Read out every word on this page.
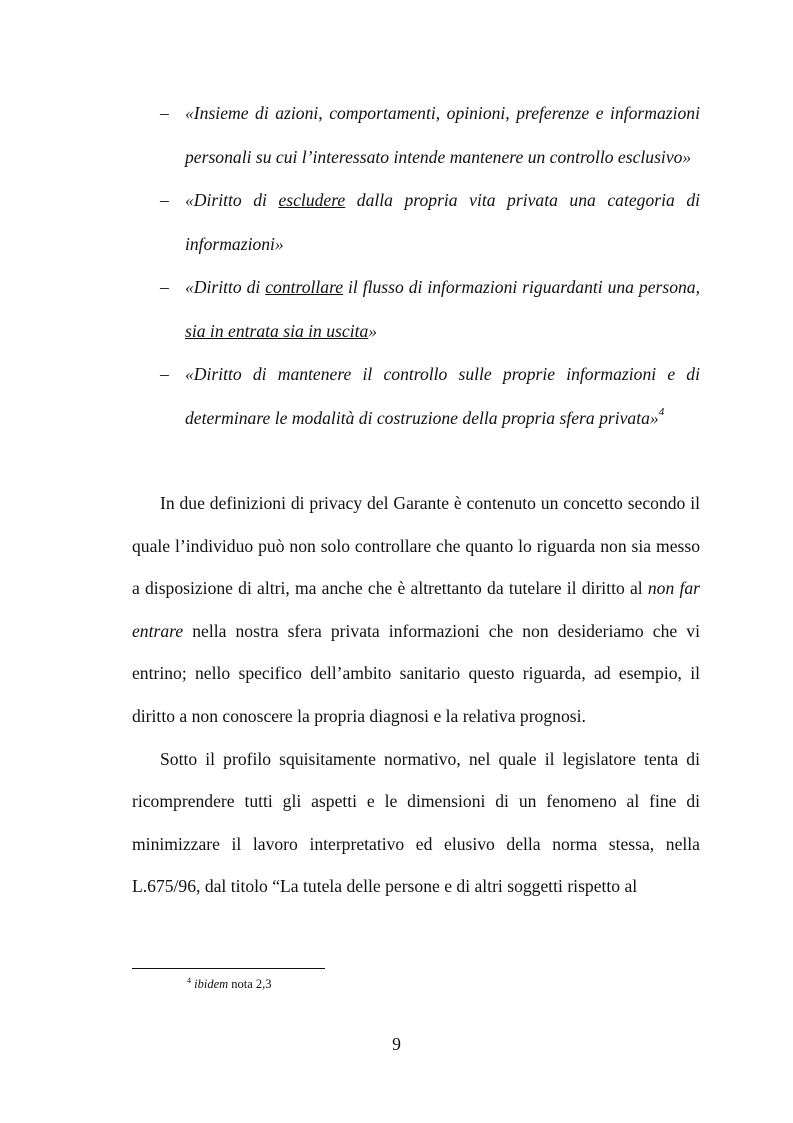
– «Insieme di azioni, comportamenti, opinioni, preferenze e informazioni personali su cui l’interessato intende mantenere un controllo esclusivo»
– «Diritto di escludere dalla propria vita privata una categoria di informazioni»
– «Diritto di controllare il flusso di informazioni riguardanti una persona, sia in entrata sia in uscita»
– «Diritto di mantenere il controllo sulle proprie informazioni e di determinare le modalità di costruzione della propria sfera privata»$^4$

In due definizioni di privacy del Garante è contenuto un concetto secondo il quale l’individuo può non solo controllare che quanto lo riguarda non sia messo a disposizione di altri, ma anche che è altrettanto da tutelare il diritto al non far entrare nella nostra sfera privata informazioni che non desideriamo che vi entrino; nello specifico dell’ambito sanitario questo riguarda, ad esempio, il diritto a non conoscere la propria diagnosi e la relativa prognosi.

Sotto il profilo squisitamente normativo, nel quale il legislatore tenta di ricomprendere tutti gli aspetti e le dimensioni di un fenomeno al fine di minimizzare il lavoro interpretativo ed elusivo della norma stessa, nella L.675/96, dal titolo “La tutela delle persone e di altri soggetti rispetto al

$^4$ ibidem nota 2,3
9
